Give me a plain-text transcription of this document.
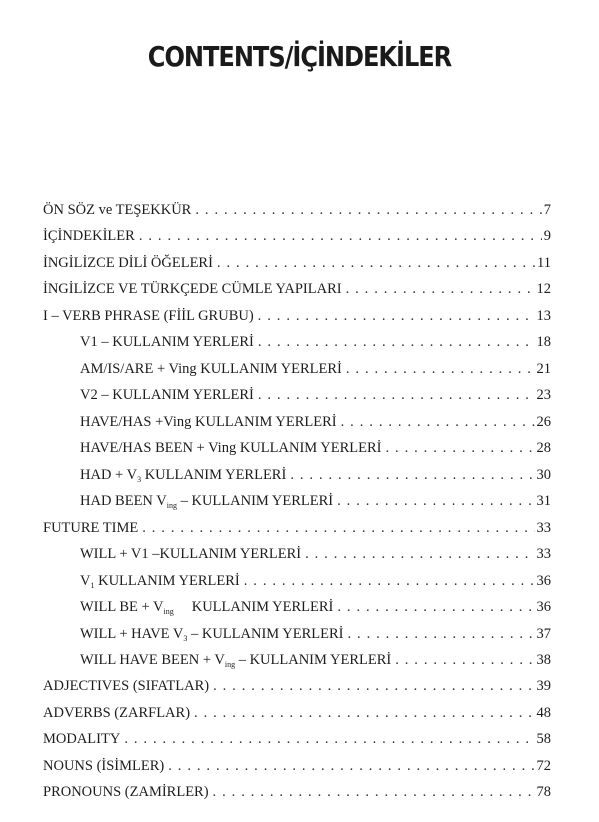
CONTENTS/İÇİNDEKİLER
ÖN SÖZ ve TEŞEKKÜR . . .	7
İÇİNDEKİLER . . .	9
İNGİLİZCE DİLİ ÖĞELERİ . . .	11
İNGİLİZCE VE TÜRKÇEDE CÜMLE YAPILARI . . .	12
I – VERB PHRASE (FİİL GRUBU) . . .	13
V1 – KULLANIM YERLERİ . . .	18
AM/IS/ARE + Ving KULLANIM YERLERİ . . .	21
V2 – KULLANIM YERLERİ . . .	23
HAVE/HAS +Ving KULLANIM YERLERİ . . .	26
HAVE/HAS BEEN + Ving KULLANIM YERLERİ . . .	28
HAD + $V_3$ KULLANIM YERLERİ . . .	30
HAD BEEN $V_{ing}$ – KULLANIM YERLERİ . . .	31
FUTURE TIME . . .	33
WILL + V1 –KULLANIM YERLERİ . . .	33
$V_1$ KULLANIM YERLERİ . . .	36
WILL BE + $V_{ing}$ KULLANIM YERLERİ . . .	36
WILL + HAVE $V_3$ – KULLANIM YERLERİ . . .	37
WILL HAVE BEEN + $V_{ing}$ – KULLANIM YERLERİ . . .	38
ADJECTIVES (SIFATLAR) . . .	39
ADVERBS (ZARFLAR) . . .	48
MODALITY . . .	58
NOUNS (İSİMLER) . . .	72
PRONOUNS (ZAMİRLER) . . .	78
